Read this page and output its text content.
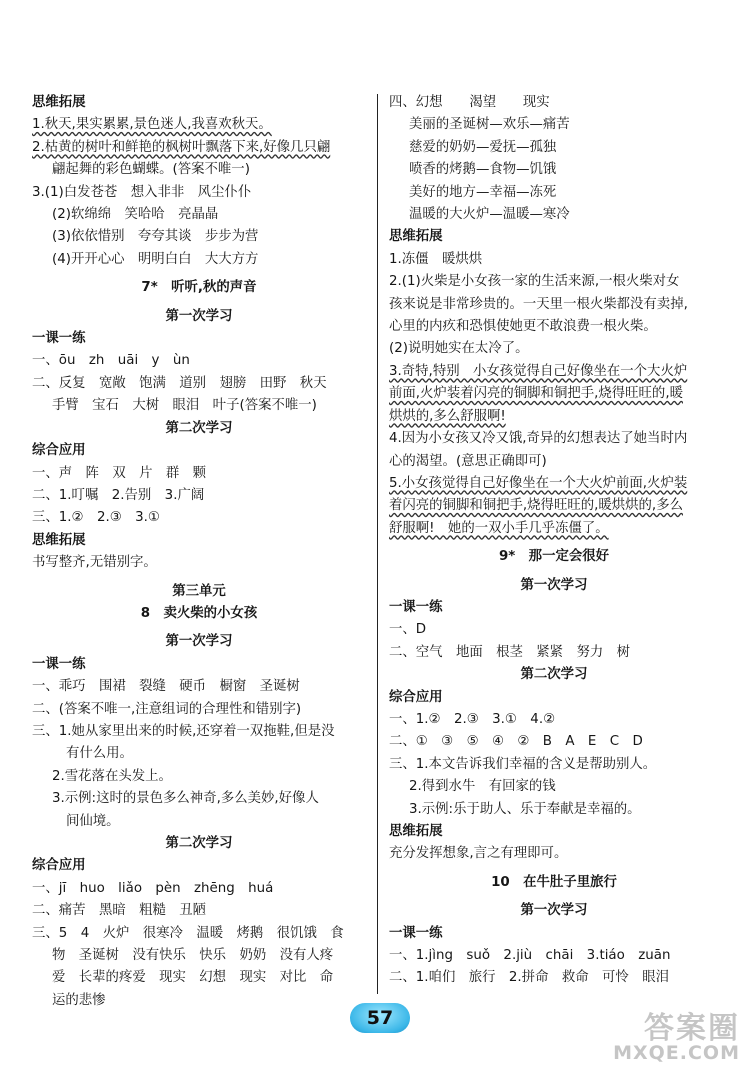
思维拓展
1.秋天,果实累累,景色迷人,我喜欢秋天。
2.枯黄的树叶和鲜艳的枫树叶飘落下来,好像几只翩
翩起舞的彩色蝴蝶。(答案不唯一)
3.(1)白发苍苍　想入非非　风尘仆仆
(2)软绵绵　笑哈哈　亮晶晶
(3)依依惜别　夸夸其谈　步步为营
(4)开开心心　明明白白　大大方方
7*　听听,秋的声音
第一次学习
一课一练
一、ōu　zh　uāi　y　ùn
二、反复　宽敞　饱满　道别　翅膀　田野　秋天
手臂　宝石　大树　眼泪　叶子(答案不唯一)
第二次学习
综合应用
一、声　阵　双　片　群　颗
二、1.叮嘱　2.告别　3.广阔
三、1.②　2.③　3.①
思维拓展
书写整齐,无错别字。
第三单元
8　卖火柴的小女孩
第一次学习
一课一练
一、乖巧　围裙　裂缝　硬币　橱窗　圣诞树
二、(答案不唯一,注意组词的合理性和错别字)
三、1.她从家里出来的时候,还穿着一双拖鞋,但是没
有什么用。
2.雪花落在头发上。
3.示例:这时的景色多么神奇,多么美妙,好像人
间仙境。
第二次学习
综合应用
一、jī　huo　liǎo　pèn　zhēng　huá
二、痛苦　黑暗　粗糙　丑陋
三、5　4　火炉　很寒冷　温暖　烤鹅　很饥饿　食
物　圣诞树　没有快乐　快乐　奶奶　没有人疼
爱　长辈的疼爱　现实　幻想　现实　对比　命
运的悲惨
四、幻想　　渴望　　现实
美丽的圣诞树—欢乐—痛苦
慈爱的奶奶—爱抚—孤独
喷香的烤鹅—食物—饥饿
美好的地方—幸福—冻死
温暖的大火炉—温暖—寒冷
思维拓展
1.冻僵　暖烘烘
2.(1)火柴是小女孩一家的生活来源,一根火柴对女
孩来说是非常珍贵的。一天里一根火柴都没有卖掉,
心里的内疚和恐惧使她更不敢浪费一根火柴。
(2)说明她实在太冷了。
3.奇特,特别　小女孩觉得自己好像坐在一个大火炉
前面,火炉装着闪亮的铜脚和铜把手,烧得旺旺的,暖
烘烘的,多么舒服啊!
4.因为小女孩又冷又饿,奇异的幻想表达了她当时内
心的渴望。(意思正确即可)
5.小女孩觉得自己好像坐在一个大火炉前面,火炉装
着闪亮的铜脚和铜把手,烧得旺旺的,暖烘烘的,多么
舒服啊!　她的一双小手几乎冻僵了。
9*　那一定会很好
第一次学习
一课一练
一、D
二、空气　地面　根茎　紧紧　努力　树
第二次学习
综合应用
一、1.②　2.③　3.①　4.②
二、①　③　⑤　④　②　B　A　E　C　D
三、1.本文告诉我们幸福的含义是帮助别人。
2.得到水牛　有回家的钱
3.示例:乐于助人、乐于奉献是幸福的。
思维拓展
充分发挥想象,言之有理即可。
10　在牛肚子里旅行
第一次学习
一课一练
一、1.jìng　suǒ　2.jiù　chāi　3.tiáo　zuān
二、1.咱们　旅行　2.拼命　救命　可怜　眼泪
57	答案圈
MXQE.COM
